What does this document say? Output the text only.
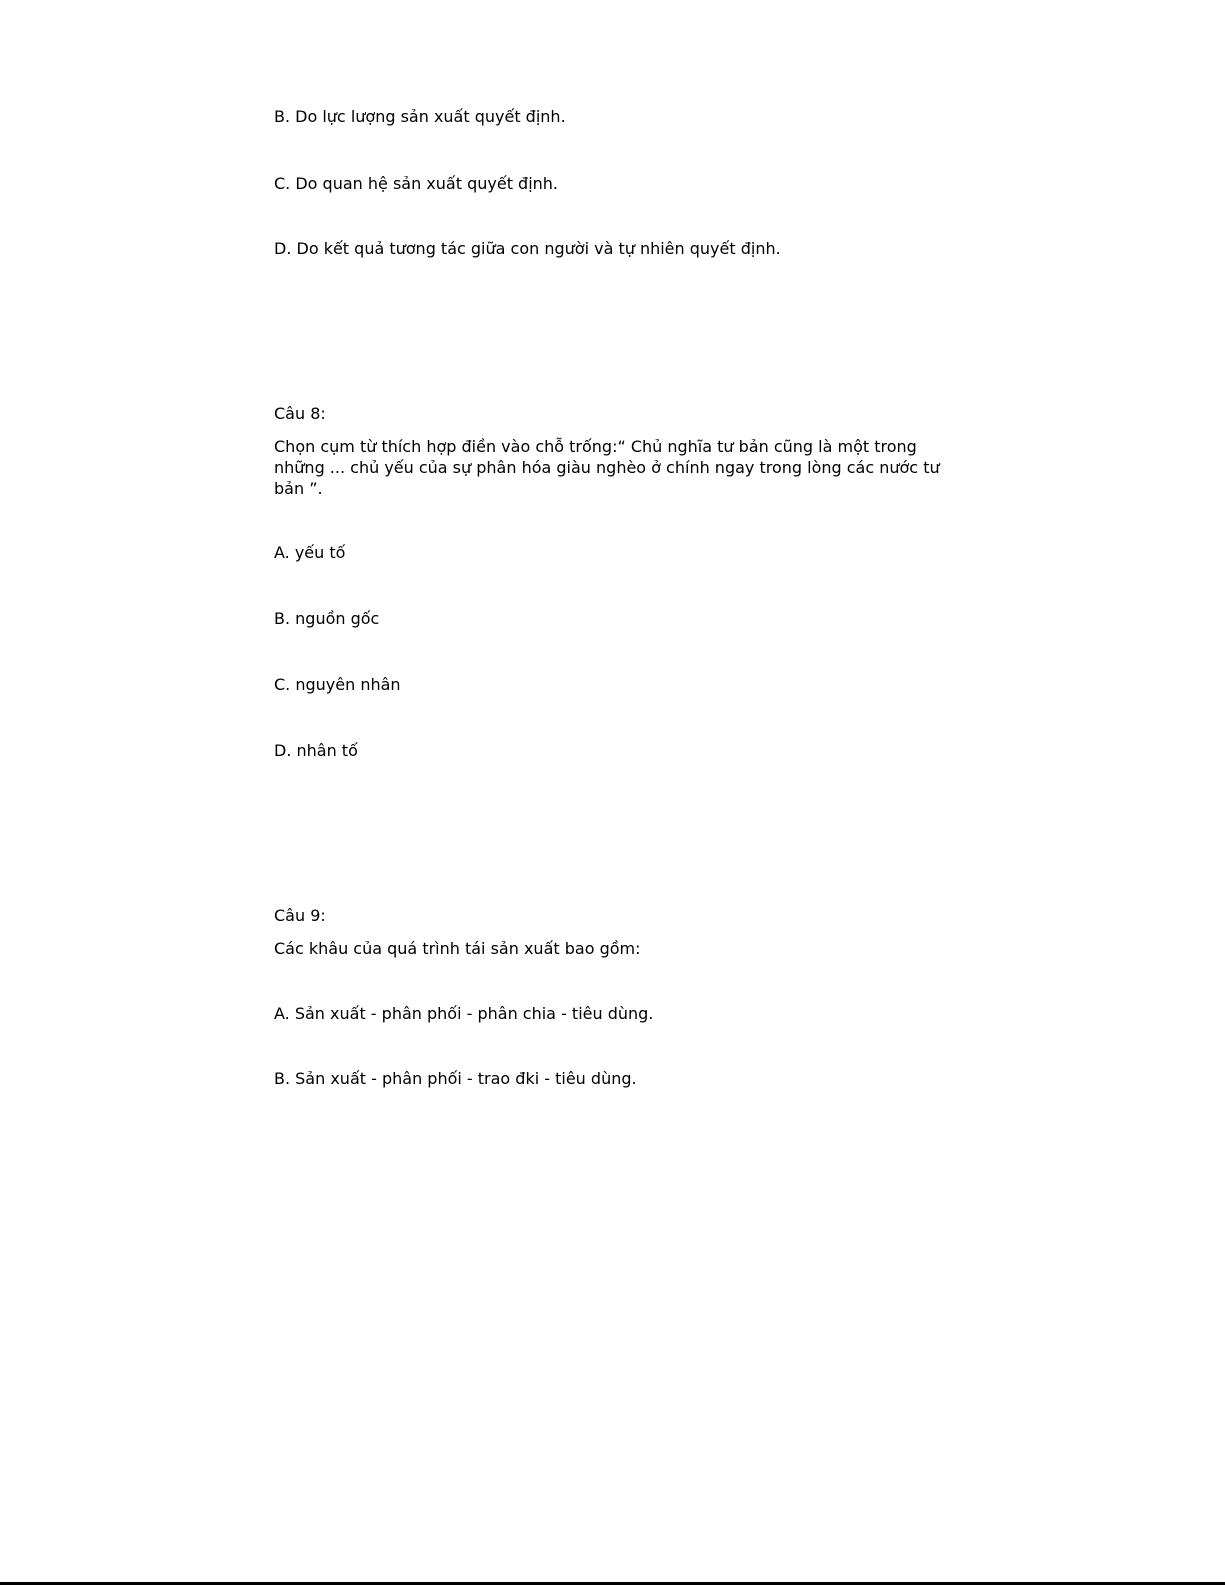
B. Do lực lượng sản xuất quyết định.
C. Do quan hệ sản xuất quyết định.
D. Do kết quả tương tác giữa con người và tự nhiên quyết định.
Câu 8:
Chọn cụm từ thích hợp điền vào chỗ trống:“ Chủ nghĩa tư bản cũng là một trong những ... chủ yếu của sự phân hóa giàu nghèo ở chính ngay trong lòng các nước tư bản ”.
A. yếu tố
B. nguồn gốc
C. nguyên nhân
D. nhân tố
Câu 9:
Các khâu của quá trình tái sản xuất bao gồm:
A. Sản xuất - phân phối - phân chia - tiêu dùng.
B. Sản xuất - phân phối - trao đki - tiêu dùng.
